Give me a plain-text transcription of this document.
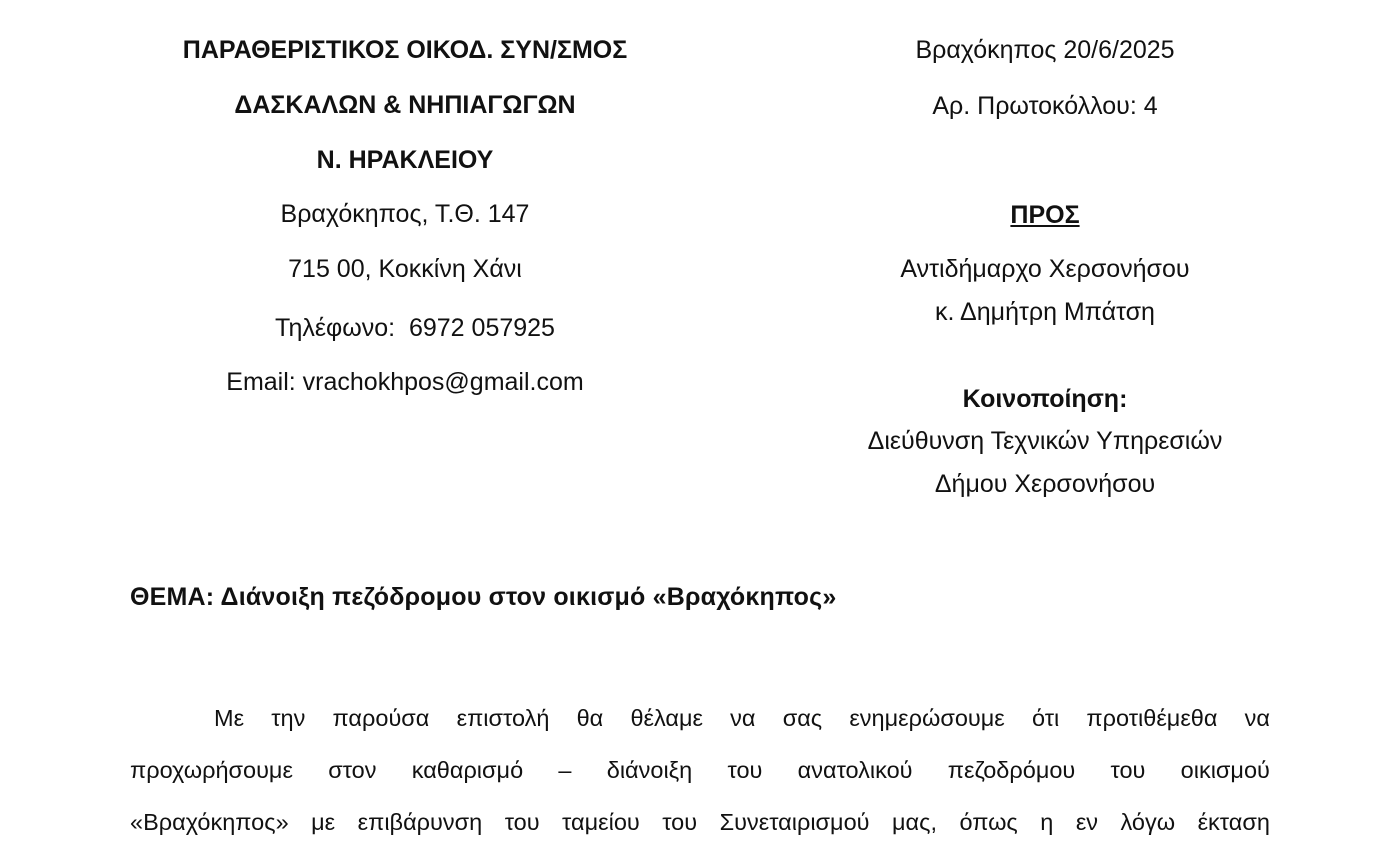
ΠΑΡΑΘΕΡΙΣΤΙΚΟΣ ΟΙΚΟΔ. ΣΥΝ/ΣΜΟΣ
ΔΑΣΚΑΛΩΝ & ΝΗΠΙΑΓΩΓΩΝ
Ν. ΗΡΑΚΛΕΙΟΥ
Βραχόκηπος, Τ.Θ. 147
715 00, Κοκκίνη Χάνι
Τηλέφωνο:  6972 057925
Email: vrachokhpos@gmail.com
Βραχόκηπος 20/6/2025
Αρ. Πρωτοκόλλου: 4
ΠΡΟΣ
Αντιδήμαρχο Χερσονήσου
κ. Δημήτρη Μπάτση
Κοινοποίηση:
Διεύθυνση Τεχνικών Υπηρεσιών
Δήμου Χερσονήσου
ΘΕΜΑ: Διάνοιξη πεζόδρομου στον οικισμό «Βραχόκηπος»
Με την παρούσα επιστολή θα θέλαμε να σας ενημερώσουμε ότι προτιθέμεθα να
προχωρήσουμε στον καθαρισμό – διάνοιξη του ανατολικού πεζοδρόμου του οικισμού
«Βραχόκηπος» με επιβάρυνση του ταμείου του Συνεταιρισμού μας, όπως η εν λόγω έκταση
